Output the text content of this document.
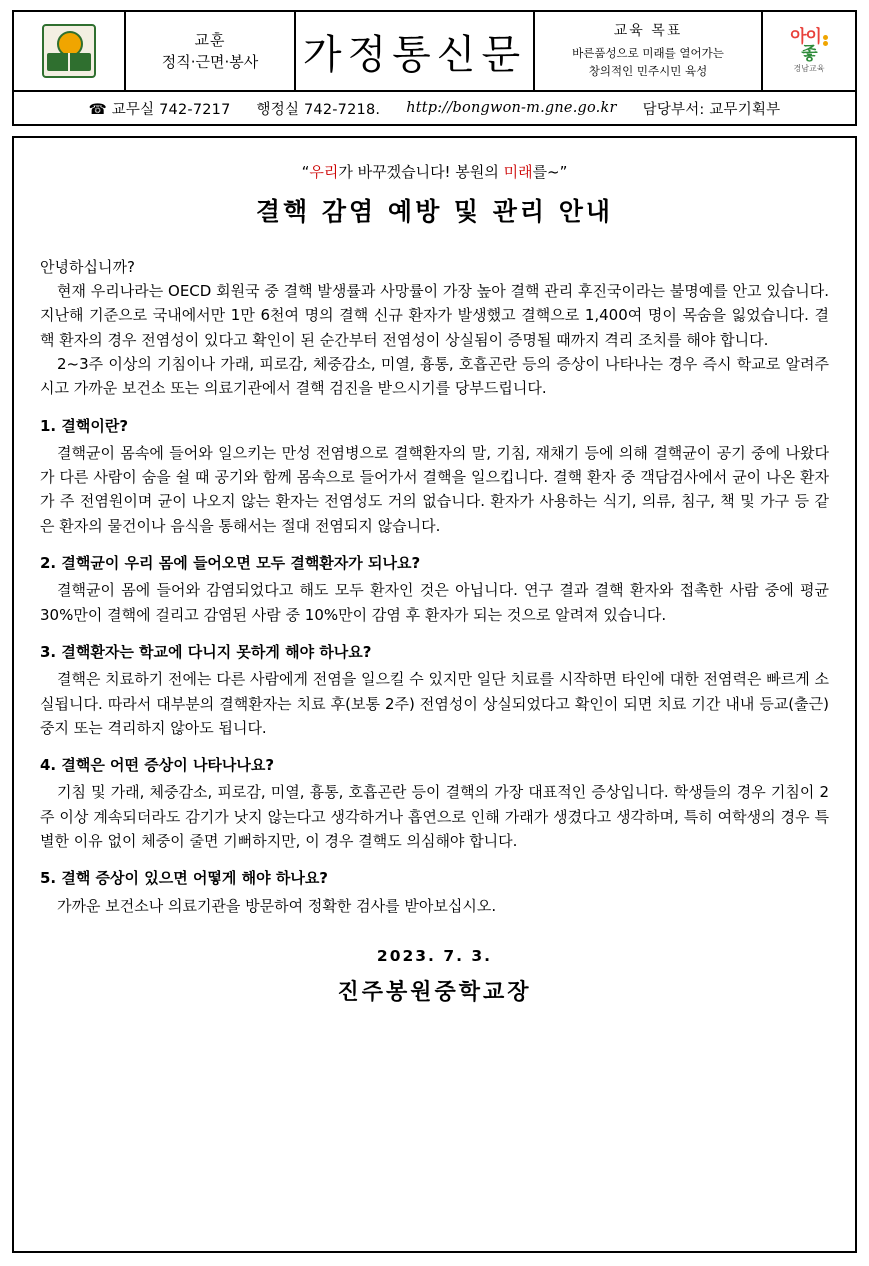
교훈
정직·근면·봉사 가정통신문
교육 목표
바른품성으로 미래를 열어가는
창의적인 민주시민 육성
아이
좋
경남교육
☎ 교무실 742-7217 행정실 742-7218. http://bongwon-m.gne.go.kr 담당부서: 교무기획부
“우리가 바꾸겠습니다! 봉원의 미래를~”
결핵 감염 예방 및 관리 안내

안녕하십니까?

현재 우리나라는 OECD 회원국 중 결핵 발생률과 사망률이 가장 높아 결핵 관리 후진국이라는 불명예를 안고 있습니다. 지난해 기준으로 국내에서만 1만 6천여 명의 결핵 신규 환자가 발생했고 결핵으로 1,400여 명이 목숨을 잃었습니다. 결핵 환자의 경우 전염성이 있다고 확인이 된 순간부터 전염성이 상실됨이 증명될 때까지 격리 조치를 해야 합니다.

2~3주 이상의 기침이나 가래, 피로감, 체중감소, 미열, 흉통, 호흡곤란 등의 증상이 나타나는 경우 즉시 학교로 알려주시고 가까운 보건소 또는 의료기관에서 결핵 검진을 받으시기를 당부드립니다.

1. 결핵이란?

결핵균이 몸속에 들어와 일으키는 만성 전염병으로 결핵환자의 말, 기침, 재채기 등에 의해 결핵균이 공기 중에 나왔다가 다른 사람이 숨을 쉴 때 공기와 함께 몸속으로 들어가서 결핵을 일으킵니다. 결핵 환자 중 객담검사에서 균이 나온 환자가 주 전염원이며 균이 나오지 않는 환자는 전염성도 거의 없습니다. 환자가 사용하는 식기, 의류, 침구, 책 및 가구 등 같은 환자의 물건이나 음식을 통해서는 절대 전염되지 않습니다.

2. 결핵균이 우리 몸에 들어오면 모두 결핵환자가 되나요?

결핵균이 몸에 들어와 감염되었다고 해도 모두 환자인 것은 아닙니다. 연구 결과 결핵 환자와 접촉한 사람 중에 평균 30%만이 결핵에 걸리고 감염된 사람 중 10%만이 감염 후 환자가 되는 것으로 알려져 있습니다.

3. 결핵환자는 학교에 다니지 못하게 해야 하나요?

결핵은 치료하기 전에는 다른 사람에게 전염을 일으킬 수 있지만 일단 치료를 시작하면 타인에 대한 전염력은 빠르게 소실됩니다. 따라서 대부분의 결핵환자는 치료 후(보통 2주) 전염성이 상실되었다고 확인이 되면 치료 기간 내내 등교(출근) 중지 또는 격리하지 않아도 됩니다.

4. 결핵은 어떤 증상이 나타나나요?

기침 및 가래, 체중감소, 피로감, 미열, 흉통, 호흡곤란 등이 결핵의 가장 대표적인 증상입니다. 학생들의 경우 기침이 2주 이상 계속되더라도 감기가 낫지 않는다고 생각하거나 흡연으로 인해 가래가 생겼다고 생각하며, 특히 여학생의 경우 특별한 이유 없이 체중이 줄면 기뻐하지만, 이 경우 결핵도 의심해야 합니다.

5. 결핵 증상이 있으면 어떻게 해야 하나요?

가까운 보건소나 의료기관을 방문하여 정확한 검사를 받아보십시오.

2023. 7. 3.
진주봉원중학교장
